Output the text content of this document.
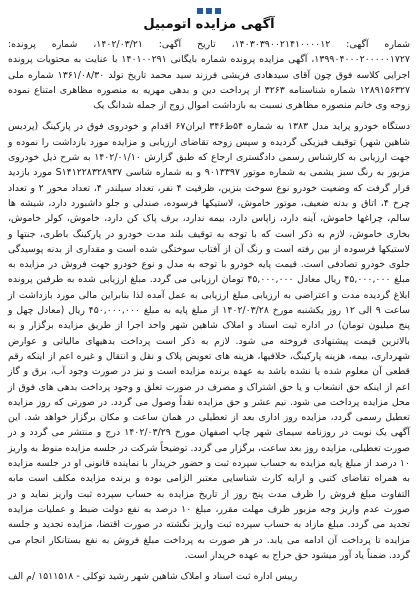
آگهی مزایده اتومبیل

شماره آگهی: ۱۴۰۳۰۳۹۰۰۲۱۴۱۰۰۰۰۱۲، تاریخ آگهی: ۱۴۰۲/۰۳/۲۱، شماره پرونده: ۱۳۹۹۰۴۰۰۰۲۰۰۰۰۰۱۷۲۷، آگهی مزایده پرونده شماره بایگانی ۱۴۰۱۰۰۲۹۱ با عنایت به محتویات پرونده اجرایی کلاسه فوق چون آقای سیدهادی فریشی فرزند سید محمد تاریخ تولد ۱۳۶۱/۰۸/۳۰ شماره ملی ۱۲۸۹۱۵۶۳۲۷ شماره شناسنامه ۳۲۶۳ از پرداخت دین و بدهی مهریه به منصوره مظاهری امتناع نموده زوجه وی خانم منصوره مظاهری نسبت به بازداشت اموال زوج از جمله شدانگ یک

دستگاه خودرو پراید مدل ۱۳۸۳ به شماره ۵۴ط۳۴۶ ایران۶۷ اقدام و خودروی فوق در پارکینگ (پردیس شاهین شهر) توقیف فیزیکی گردیده و سپس زوجه تقاضای ارزیابی و مزایده مورد بازداشت را نموده و جهت ارزیابی به کارشناس رسمی دادگستری ارجاع که طبق گزارش ۱۴۰۲/۰۱/۱۰ به شرح ذیل خودروی مزبور به رنگ سبز یشمی به شماره موتور ۹۰۱۳۳۹۷ و به شماره شاسی S۱۴۱۲۲۸۳۲۸۹۳۷ مورد بازدید قرار گرفت که وضعیت خودرو نوع سوخت بنزین، ظرفیت ۴ نفر، تعداد سیلندر ۴، تعداد محور ۲ و تعداد چرخ ۴، اتاق و بدنه ضعیف، موتور خاموش، لاستیکها فرسوده، صندلی و جلو داشبورد دارد، شیشه ها سالم، چراغها خاموش، آینه دارد، زاپاس دارد، بیمه ندارد، برف پاک کن دارد، خاموش، کولر خاموش، بخاری خاموش، لازم به ذکر است که با توجه به توقیف بلند مدت خودرو در پارکینگ باطری، جنتها و لاستیکها فرسوده از بین رفته است و رنگ آن از آفتاب سوختگی شده است و مقداری از بدنه پوسیدگی جلوی خودرو تصادفی است. قیمت پایه خودرو با توجه به مدل و نوع خودرو جهت فروش در مزایده به مبلغ ۴۵,۰۰۰,۰۰۰ ریال معادل ۴۵,۰۰۰,۰۰۰ تومان ارزیابی می گردد. مبلغ ارزیابی شده به طرفین پرونده ابلاغ گردیده مدت و اعتراضی به ارزیابی مبلغ ارزیابی به عمل آمده لذا بنابراین مالی مورد بازداشت از ساعت ۹ الی ۱۲ روز یکشنبه مورخ ۱۴۰۲/۰۳/۲۸ از مبلغ پایه به مبلغ ۴۵۰,۰۰۰,۰۰۰ ریال (معادل چهل و پنج میلیون تومان) در اداره ثبت اسناد و املاک شاهین شهر واحد اجرا از طریق مزایده برگزار و به بالاترین قیمت پیشنهادی فروخته می شود. لازم به ذکر است پرداخت بدهیهای مالیاتی و عوارض شهرداری، بیمه، هزینه پارکینگ، خلافیها، هزینه های تعویض پلاک و نقل و انتقال و غیره اعم از اینکه رقم قطعی آن معلوم شده یا نشده باشد به عهده برنده مزایده است و نیز در صورت وجود آب، برق و گاز اعم از اینکه حق انشعاب و یا حق اشتراک و مصرف در صورت تعلق و وجود پرداخت بدهی های فوق از محل مزایده پرداخت می شود. نیم عشر و حق مزایده نقداً وصول می گردد. در صورتی که روز مزایده تعطیل رسمی گردد، مزایده روز اداری بعد از تعطیلی در همان ساعت و مکان برگزار خواهد شد. این آگهی یک نوبت در روزنامه سیمای شهر چاپ اصفهان مورخ ۱۴۰۲/۰۳/۲۹ درج و منتشر می گردد و در صورت تعطیلی، مزایده روز بعد ساعت، برگزار می گردد. توضیحاً شرکت در جلسه مزایده منوط به واریز ۱۰ درصد از مبلغ پایه مزایده به حساب سپرده ثبت و حضور خریدار با نماینده قانونی او در جلسه مزایده به همراه تقاضای کتبی و ارایه کارت شناسایی معتبر الزامی بوده و برنده مزایده مکلف است مابه التفاوت مبلغ فروش را ظرف مدت پنج روز از تاریخ مزایده به حساب سپرده ثبت واریز نماید و در صورت عدم واریز وجه مزبور ظرف مهلت مقرر، مبلغ ۱۰ درصد به نفع دولت ضبط و عملیات مزایده تجدید می گردد. مبلغ مازاد به حساب سپرده ثبت واریز نگشته در صورت اقتضا، مزایده تجدید و جلسه مزایده تا پرداخت آن ادامه می یابد. در هر صورت به پرداخت مبلغ فروش به نفع بستانکار انجام می گردد. ضمناً یاد آور میشود حق حراج به عهده خریدار است.

رییس اداره ثبت اسناد و املاک شاهین شهر رشید توکلی - ۱۵۱۱۵۱۸ /م الف
